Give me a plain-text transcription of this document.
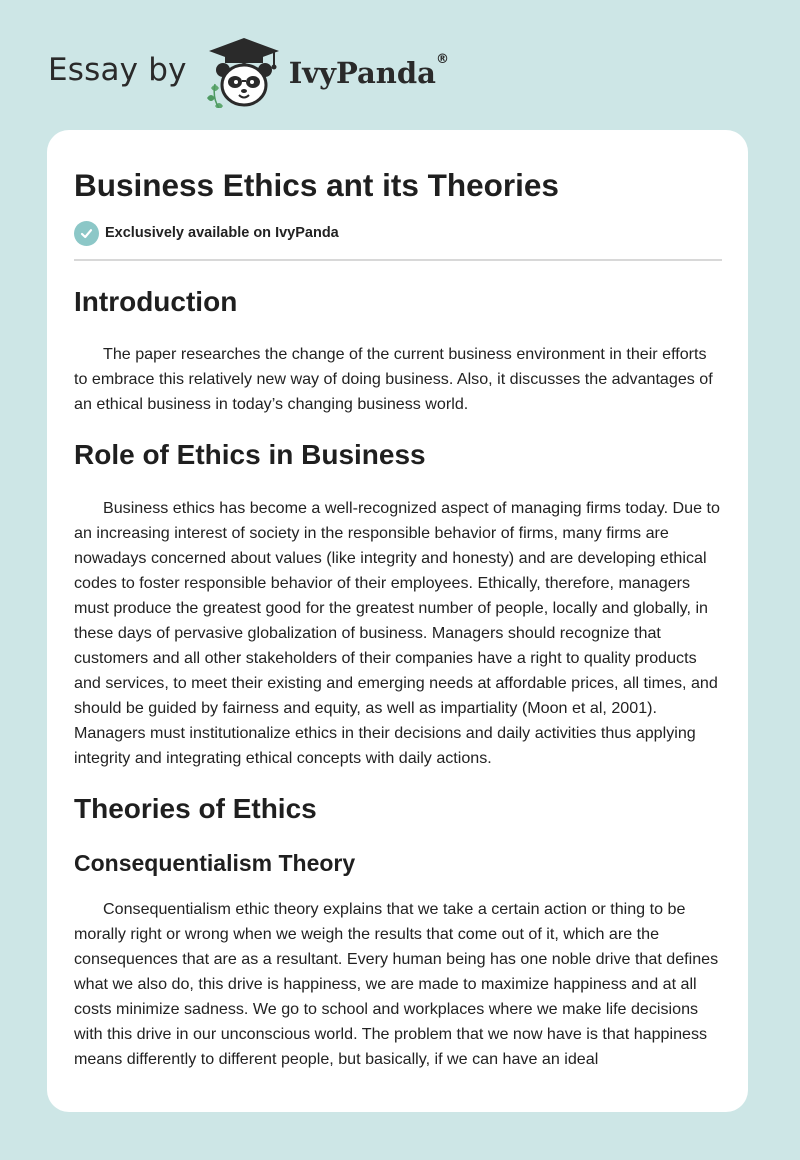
Essay by	IvyPanda®
Business Ethics ant its Theories
Exclusively available on IvyPanda
Introduction

The paper researches the change of the current business environment in their efforts to embrace this relatively new way of doing business. Also, it discusses the advantages of an ethical business in today’s changing business world.

Role of Ethics in Business

Business ethics has become a well-recognized aspect of managing firms today. Due to an increasing interest of society in the responsible behavior of firms, many firms are nowadays concerned about values (like integrity and honesty) and are developing ethical codes to foster responsible behavior of their employees. Ethically, therefore, managers must produce the greatest good for the greatest number of people, locally and globally, in these days of pervasive globalization of business. Managers should recognize that customers and all other stakeholders of their companies have a right to quality products and services, to meet their existing and emerging needs at affordable prices, all times, and should be guided by fairness and equity, as well as impartiality (Moon et al, 2001). Managers must institutionalize ethics in their decisions and daily activities thus applying integrity and integrating ethical concepts with daily actions.

Theories of Ethics
Consequentialism Theory

Consequentialism ethic theory explains that we take a certain action or thing to be morally right or wrong when we weigh the results that come out of it, which are the consequences that are as a resultant. Every human being has one noble drive that defines what we also do, this drive is happiness, we are made to maximize happiness and at all costs minimize sadness. We go to school and workplaces where we make life decisions with this drive in our unconscious world. The problem that we now have is that happiness means differently to different people, but basically, if we can have an ideal
